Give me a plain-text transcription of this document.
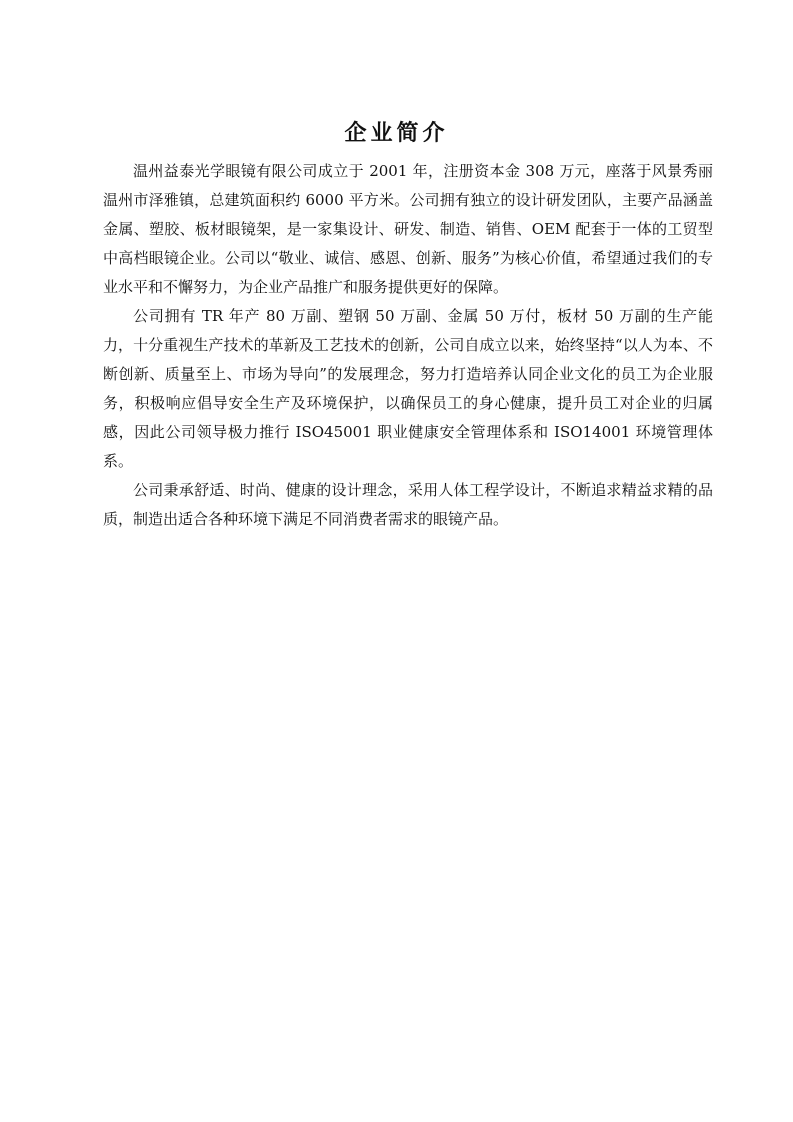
企业简介

温州益泰光学眼镜有限公司成立于 2001 年，注册资本金 308 万元，座落于风景秀丽温州市泽雅镇，总建筑面积约 6000 平方米。公司拥有独立的设计研发团队，主要产品涵盖金属、塑胶、板材眼镜架，是一家集设计、研发、制造、销售、OEM 配套于一体的工贸型中高档眼镜企业。公司以“敬业、诚信、感恩、创新、服务”为核心价值，希望通过我们的专业水平和不懈努力，为企业产品推广和服务提供更好的保障。

公司拥有 TR 年产 80 万副、塑钢 50 万副、金属 50 万付，板材 50 万副的生产能力，十分重视生产技术的革新及工艺技术的创新，公司自成立以来，始终坚持“以人为本、不断创新、质量至上、市场为导向”的发展理念，努力打造培养认同企业文化的员工为企业服务，积极响应倡导安全生产及环境保护，以确保员工的身心健康，提升员工对企业的归属感，因此公司领导极力推行 ISO45001 职业健康安全管理体系和 ISO14001 环境管理体系。

公司秉承舒适、时尚、健康的设计理念，采用人体工程学设计，不断追求精益求精的品质，制造出适合各种环境下满足不同消费者需求的眼镜产品。
